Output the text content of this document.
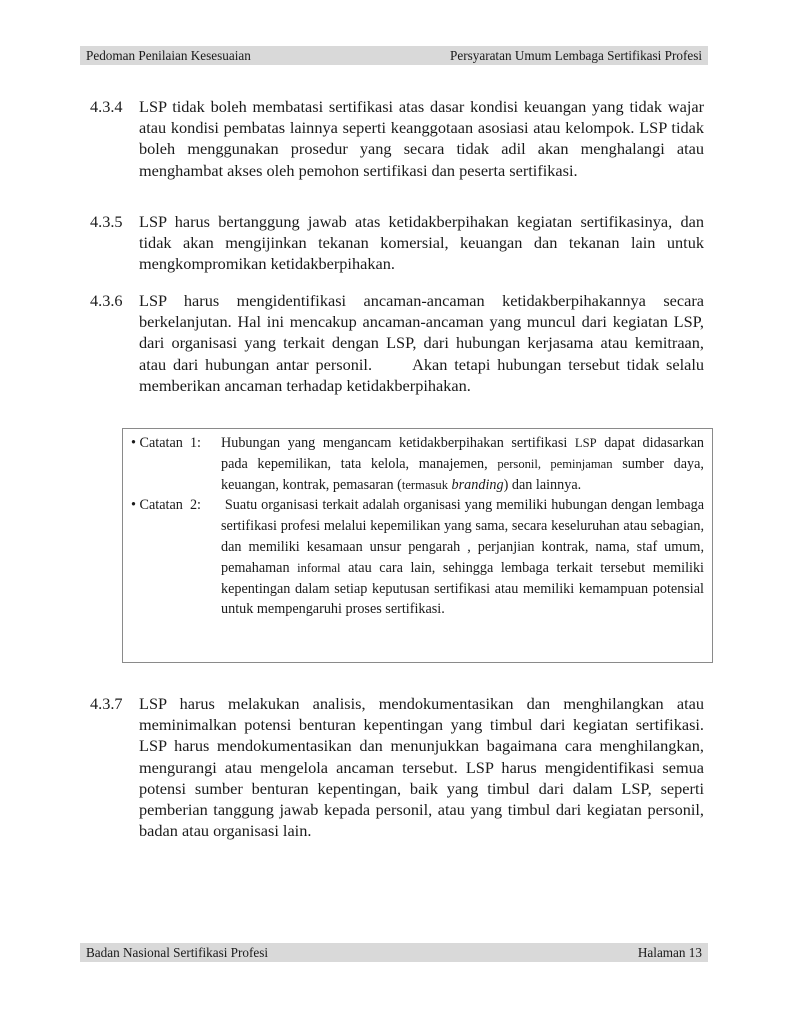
Pedoman Penilaian Kesesuaian	Persyaratan Umum Lembaga Sertifikasi Profesi
4.3.4 LSP tidak boleh membatasi sertifikasi atas dasar kondisi keuangan yang tidak wajar atau kondisi pembatas lainnya seperti keanggotaan asosiasi atau kelompok. LSP tidak boleh menggunakan prosedur yang secara tidak adil akan menghalangi atau menghambat akses oleh pemohon sertifikasi dan peserta sertifikasi.
4.3.5 LSP harus bertanggung jawab atas ketidakberpihakan kegiatan sertifikasinya, dan tidak akan mengijinkan tekanan komersial, keuangan dan tekanan lain untuk mengkompromikan ketidakberpihakan.
4.3.6 LSP harus mengidentifikasi ancaman-ancaman ketidakberpihakannya secara berkelanjutan. Hal ini mencakup ancaman-ancaman yang muncul dari kegiatan LSP, dari organisasi yang terkait dengan LSP, dari hubungan kerjasama atau kemitraan, atau dari hubungan antar personil.      Akan tetapi hubungan tersebut tidak selalu memberikan ancaman terhadap ketidakberpihakan.
• Catatan  1: Hubungan yang mengancam ketidakberpihakan sertifikasi LSP dapat didasarkan pada kepemilikan, tata kelola, manajemen, personil, peminjaman sumber daya, keuangan, kontrak, pemasaran (termasuk branding) dan lainnya.
• Catatan  2: Suatu organisasi terkait adalah organisasi yang memiliki hubungan dengan lembaga sertifikasi profesi melalui kepemilikan yang sama, secara keseluruhan atau sebagian, dan memiliki kesamaan unsur pengarah , perjanjian kontrak, nama, staf umum, pemahaman informal atau cara lain, sehingga lembaga terkait tersebut memiliki kepentingan dalam setiap keputusan sertifikasi atau memiliki kemampuan potensial untuk mempengaruhi proses sertifikasi.
4.3.7 LSP harus melakukan analisis, mendokumentasikan dan menghilangkan atau meminimalkan potensi benturan kepentingan yang timbul dari kegiatan sertifikasi. LSP harus mendokumentasikan dan menunjukkan bagaimana cara menghilangkan, mengurangi atau mengelola ancaman tersebut. LSP harus mengidentifikasi semua potensi sumber benturan kepentingan, baik yang timbul dari dalam LSP, seperti pemberian tanggung jawab kepada personil, atau yang timbul dari kegiatan personil, badan atau organisasi lain.
Badan Nasional Sertifikasi Profesi	Halaman 13
